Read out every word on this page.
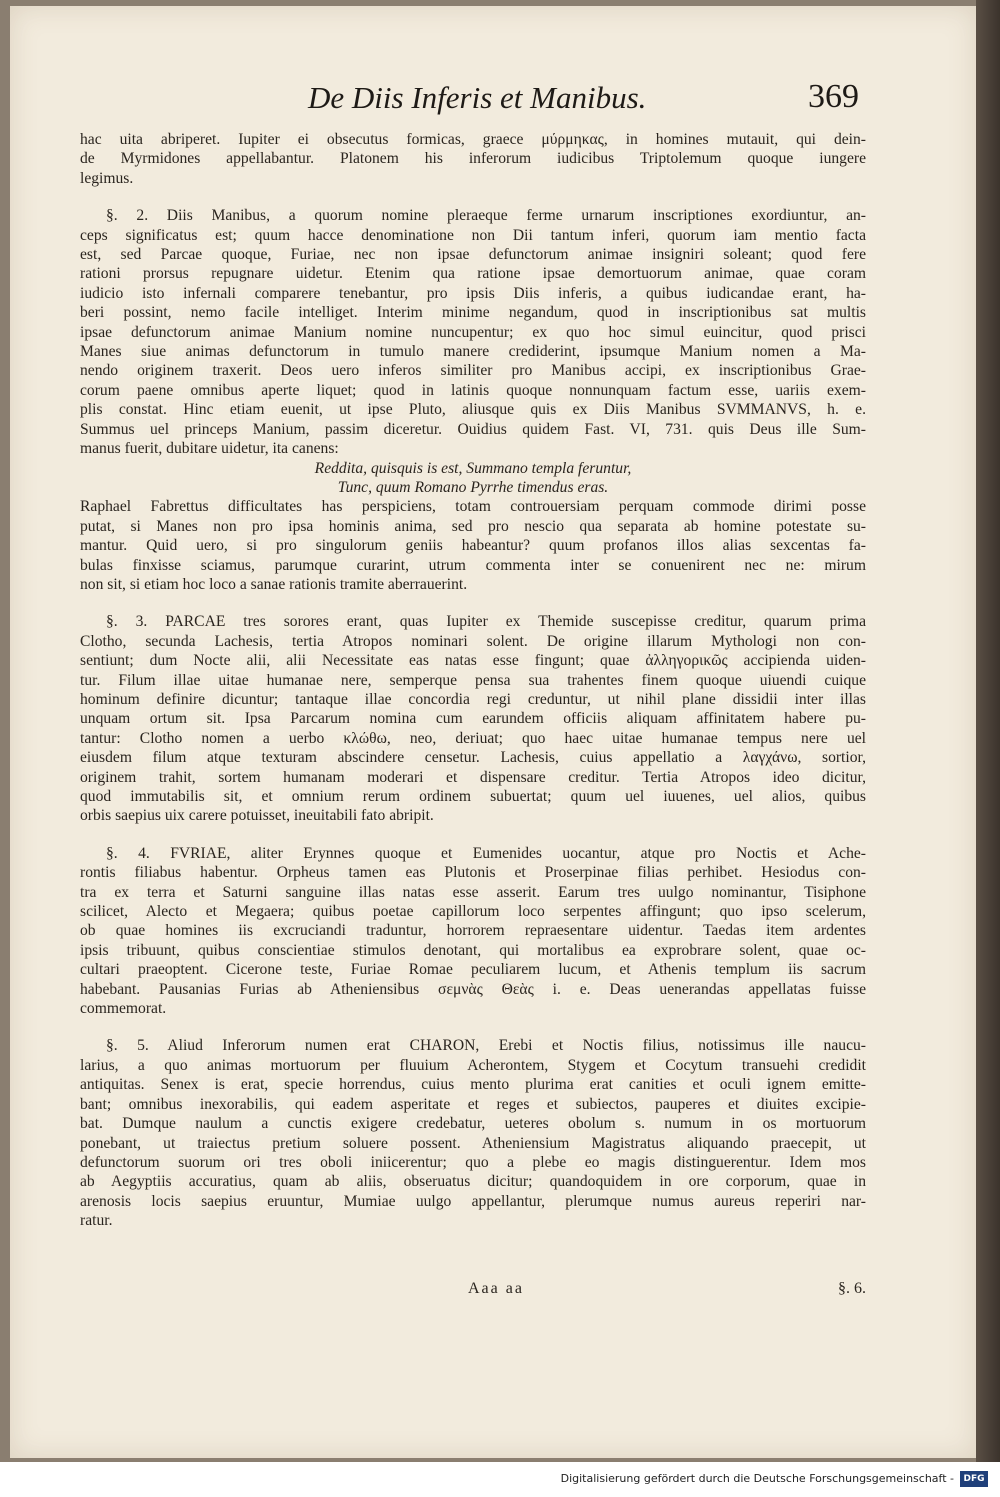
De Diis Inferis et Manibus.	369
hac uita abriperet. Iupiter ei obsecutus formicas, graece μύρμηκας, in homines mutauit, qui dein-
de Myrmidones appellabantur. Platonem his inferorum iudicibus Triptolemum quoque iungere
legimus.
§. 2. Diis Manibus, a quorum nomine pleraeque ferme urnarum inscriptiones exordiuntur, an-
ceps significatus est; quum hacce denominatione non Dii tantum inferi, quorum iam mentio facta
est, sed Parcae quoque, Furiae, nec non ipsae defunctorum animae insigniri soleant; quod fere
rationi prorsus repugnare uidetur. Etenim qua ratione ipsae demortuorum animae, quae coram
iudicio isto infernali comparere tenebantur, pro ipsis Diis inferis, a quibus iudicandae erant, ha-
beri possint, nemo facile intelliget. Interim minime negandum, quod in inscriptionibus sat multis
ipsae defunctorum animae Manium nomine nuncupentur; ex quo hoc simul euincitur, quod prisci
Manes siue animas defunctorum in tumulo manere crediderint, ipsumque Manium nomen a Ma-
nendo originem traxerit. Deos uero inferos similiter pro Manibus accipi, ex inscriptionibus Grae-
corum paene omnibus aperte liquet; quod in latinis quoque nonnunquam factum esse, uariis exem-
plis constat. Hinc etiam euenit, ut ipse Pluto, aliusque quis ex Diis Manibus SVMMANVS, h. e.
Summus uel princeps Manium, passim diceretur. Ouidius quidem Fast. VI, 731. quis Deus ille Sum-
manus fuerit, dubitare uidetur, ita canens:
Reddita, quisquis is est, Summano templa feruntur,
Tunc, quum Romano Pyrrhe timendus eras.
Raphael Fabrettus difficultates has perspiciens, totam controuersiam perquam commode dirimi posse
putat, si Manes non pro ipsa hominis anima, sed pro nescio qua separata ab homine potestate su-
mantur. Quid uero, si pro singulorum geniis habeantur? quum profanos illos alias sexcentas fa-
bulas finxisse sciamus, parumque curarint, utrum commenta inter se conuenirent nec ne: mirum
non sit, si etiam hoc loco a sanae rationis tramite aberrauerint.
§. 3. PARCAE tres sorores erant, quas Iupiter ex Themide suscepisse creditur, quarum prima
Clotho, secunda Lachesis, tertia Atropos nominari solent. De origine illarum Mythologi non con-
sentiunt; dum Nocte alii, alii Necessitate eas natas esse fingunt; quae ἀλληγορικῶς accipienda uiden-
tur. Filum illae uitae humanae nere, semperque pensa sua trahentes finem quoque uiuendi cuique
hominum definire dicuntur; tantaque illae concordia regi creduntur, ut nihil plane dissidii inter illas
unquam ortum sit. Ipsa Parcarum nomina cum earundem officiis aliquam affinitatem habere pu-
tantur: Clotho nomen a uerbo κλώθω, neo, deriuat; quo haec uitae humanae tempus nere uel
eiusdem filum atque texturam abscindere censetur. Lachesis, cuius appellatio a λαγχάνω, sortior,
originem trahit, sortem humanam moderari et dispensare creditur. Tertia Atropos ideo dicitur,
quod immutabilis sit, et omnium rerum ordinem subuertat; quum uel iuuenes, uel alios, quibus
orbis saepius uix carere potuisset, ineuitabili fato abripit.
§. 4. FVRIAE, aliter Erynnes quoque et Eumenides uocantur, atque pro Noctis et Ache-
rontis filiabus habentur. Orpheus tamen eas Plutonis et Proserpinae filias perhibet. Hesiodus con-
tra ex terra et Saturni sanguine illas natas esse asserit. Earum tres uulgo nominantur, Tisiphone
scilicet, Alecto et Megaera; quibus poetae capillorum loco serpentes affingunt; quo ipso scelerum,
ob quae homines iis excruciandi traduntur, horrorem repraesentare uidentur. Taedas item ardentes
ipsis tribuunt, quibus conscientiae stimulos denotant, qui mortalibus ea exprobrare solent, quae oc-
cultari praeoptent. Cicerone teste, Furiae Romae peculiarem lucum, et Athenis templum iis sacrum
habebant. Pausanias Furias ab Atheniensibus σεμνὰς Θεὰς i. e. Deas uenerandas appellatas fuisse
commemorat.
§. 5. Aliud Inferorum numen erat CHARON, Erebi et Noctis filius, notissimus ille naucu-
larius, a quo animas mortuorum per fluuium Acherontem, Stygem et Cocytum transuehi credidit
antiquitas. Senex is erat, specie horrendus, cuius mento plurima erat canities et oculi ignem emitte-
bant; omnibus inexorabilis, qui eadem asperitate et reges et subiectos, pauperes et diuites excipie-
bat. Dumque naulum a cunctis exigere credebatur, ueteres obolum s. numum in os mortuorum
ponebant, ut traiectus pretium soluere possent. Atheniensium Magistratus aliquando praecepit, ut
defunctorum suorum ori tres oboli iniicerentur; quo a plebe eo magis distinguerentur. Idem mos
ab Aegyptiis accuratius, quam ab aliis, obseruatus dicitur; quandoquidem in ore corporum, quae in
arenosis locis saepius eruuntur, Mumiae uulgo appellantur, plerumque numus aureus reperiri nar-
ratur.
Aaa aa	§. 6.
Digitalisierung gefördert durch die Deutsche Forschungsgemeinschaft -	DFG
